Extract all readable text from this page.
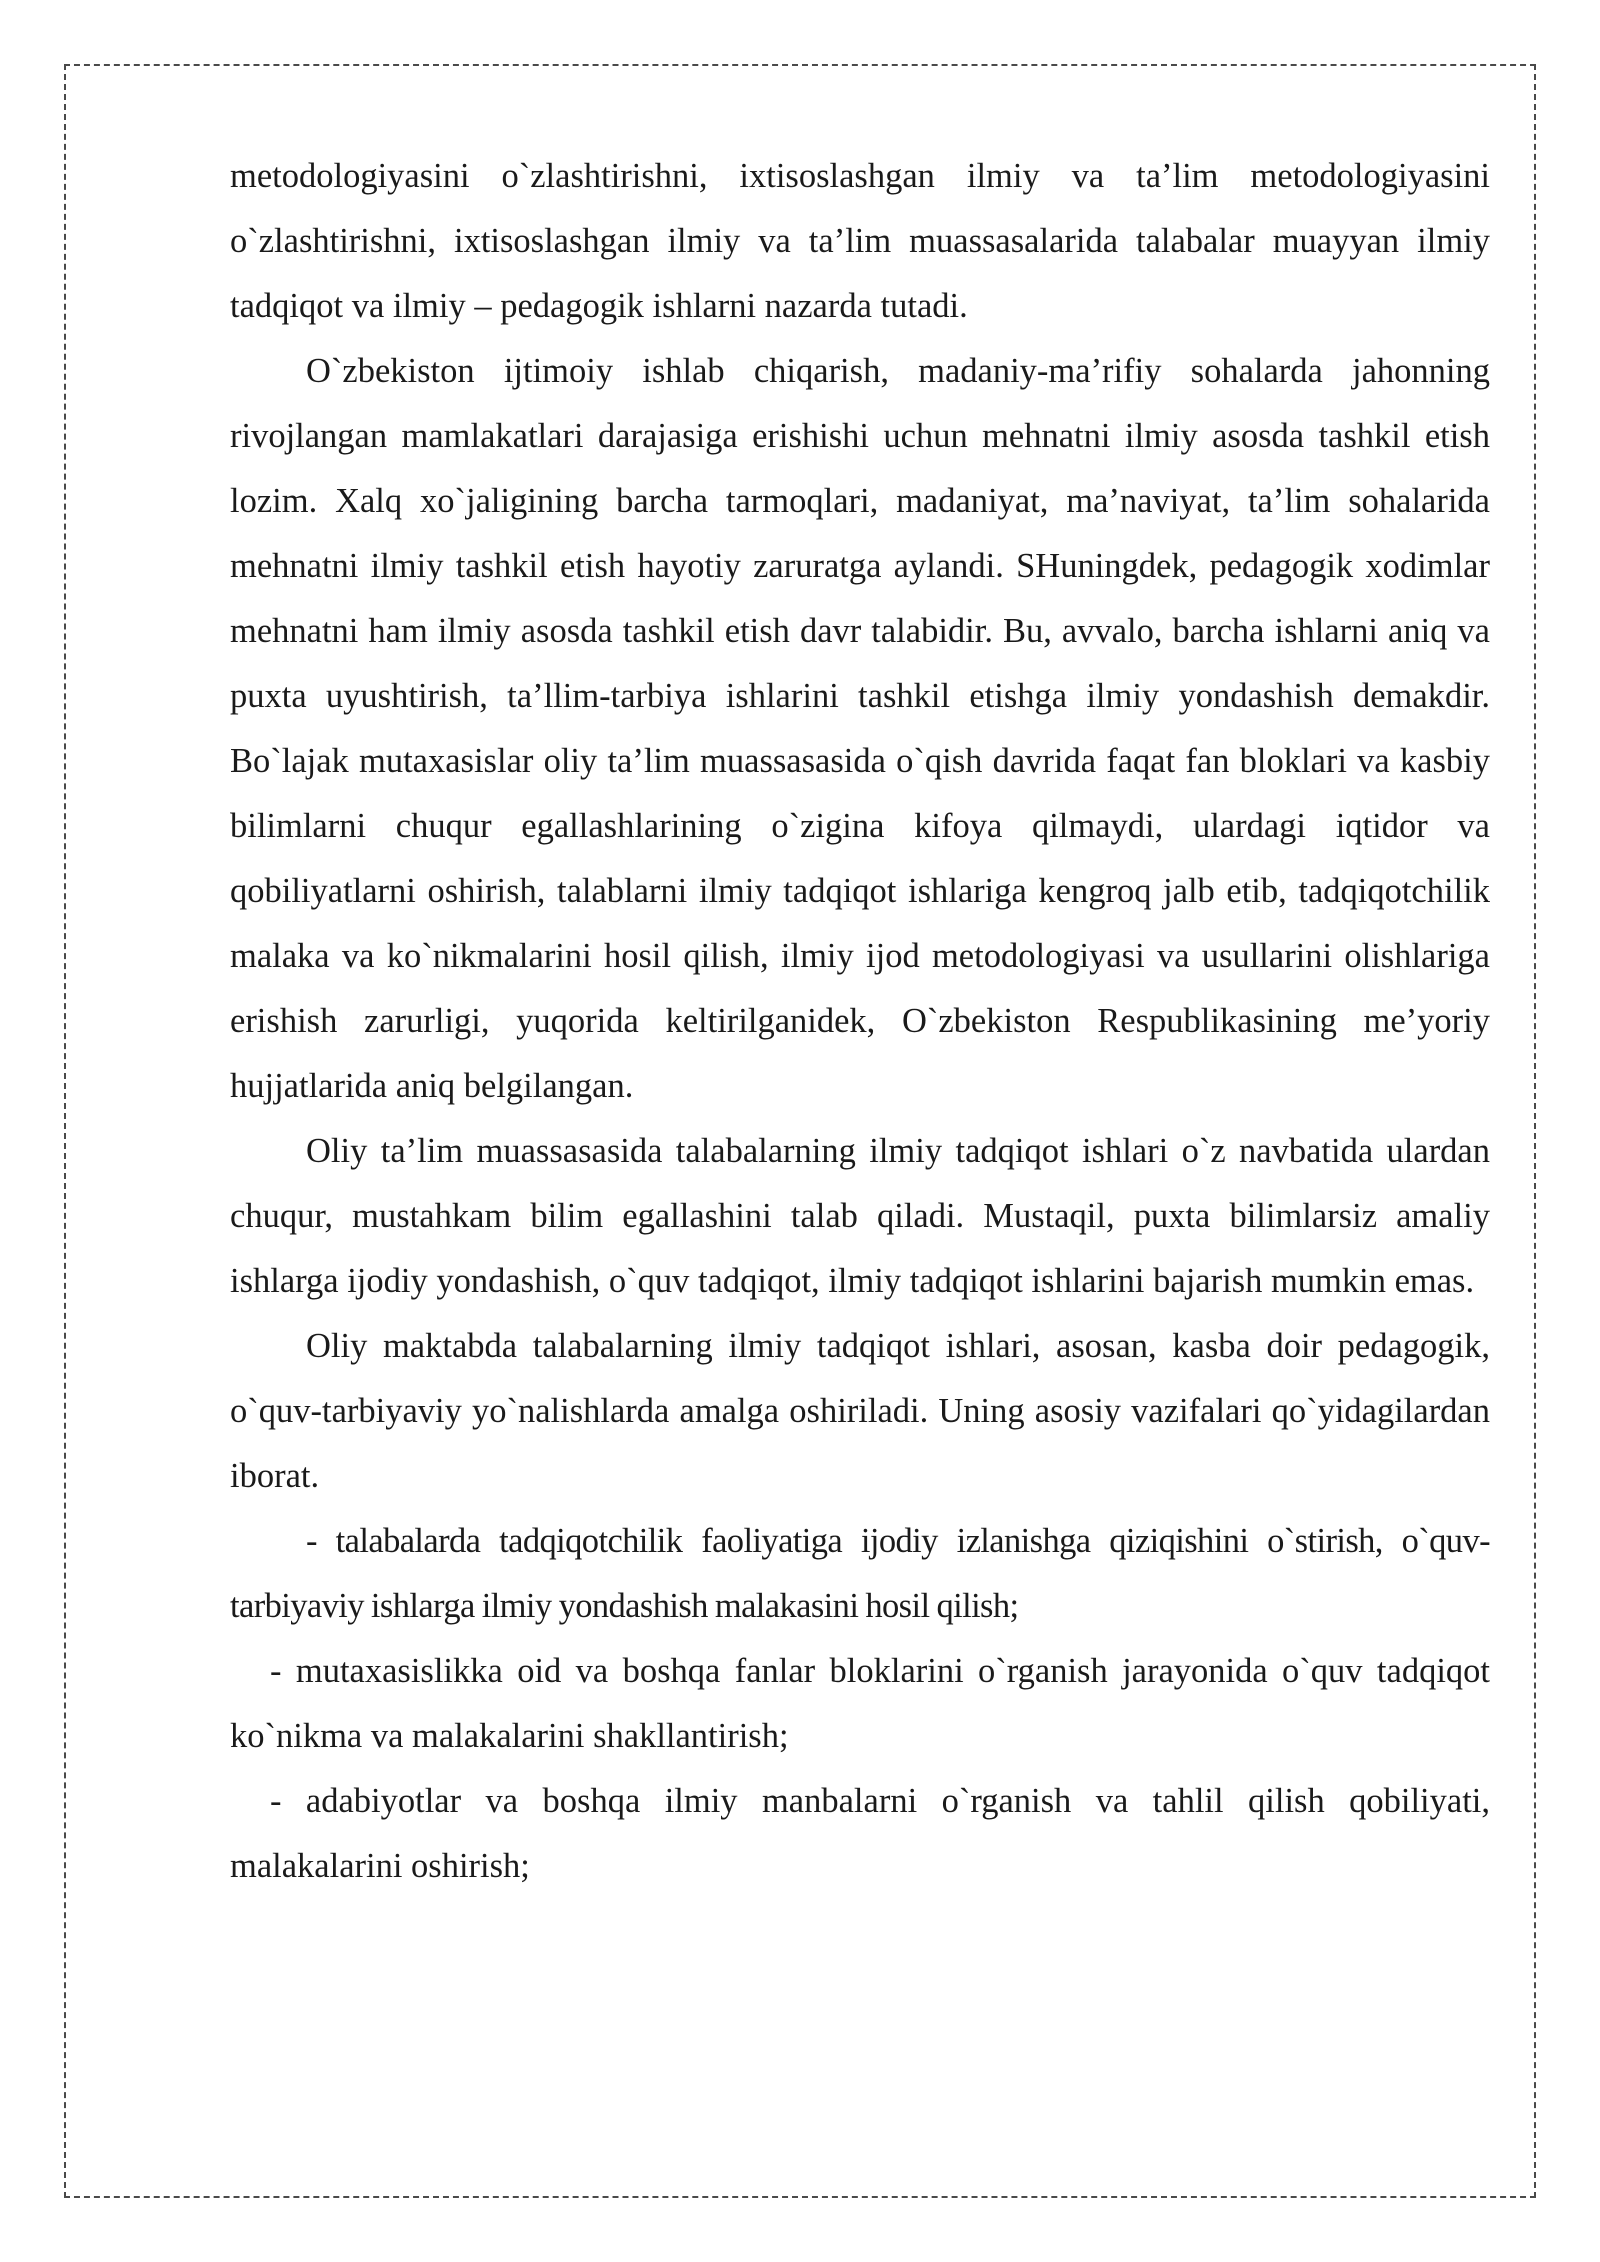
metodologiyasini o`zlashtirishni, ixtisoslashgan ilmiy va ta’lim metodologiyasini o`zlashtirishni, ixtisoslashgan ilmiy va ta’lim muassasalarida talabalar muayyan ilmiy tadqiqot va ilmiy – pedagogik ishlarni nazarda tutadi.

O`zbekiston ijtimoiy ishlab chiqarish, madaniy-ma’rifiy sohalarda jahonning rivojlangan mamlakatlari darajasiga erishishi uchun mehnatni ilmiy asosda tashkil etish lozim. Xalq xo`jaligining barcha tarmoqlari, madaniyat, ma’naviyat, ta’lim sohalarida mehnatni ilmiy tashkil etish hayotiy zaruratga aylandi. SHuningdek, pedagogik xodimlar mehnatni ham ilmiy asosda tashkil etish davr talabidir. Bu, avvalo, barcha ishlarni aniq va puxta uyushtirish, ta’llim-tarbiya ishlarini tashkil etishga ilmiy yondashish demakdir. Bo`lajak mutaxasislar oliy ta’lim muassasasida o`qish davrida faqat fan bloklari va kasbiy bilimlarni chuqur egallashlarining o`zigina kifoya qilmaydi, ulardagi iqtidor va qobiliyatlarni oshirish, talablarni ilmiy tadqiqot ishlariga kengroq jalb etib, tadqiqotchilik malaka va ko`nikmalarini hosil qilish, ilmiy ijod metodologiyasi va usullarini olishlariga erishish zarurligi, yuqorida keltirilganidek, O`zbekiston Respublikasining me’yoriy hujjatlarida aniq belgilangan.

Oliy ta’lim muassasasida talabalarning ilmiy tadqiqot ishlari o`z navbatida ulardan chuqur, mustahkam bilim egallashini talab qiladi. Mustaqil, puxta bilimlarsiz amaliy ishlarga ijodiy yondashish, o`quv tadqiqot, ilmiy tadqiqot ishlarini bajarish mumkin emas.

Oliy maktabda talabalarning ilmiy tadqiqot ishlari, asosan, kasba doir pedagogik, o`quv-tarbiyaviy yo`nalishlarda amalga oshiriladi. Uning asosiy vazifalari qo`yidagilardan iborat.

- talabalarda tadqiqotchilik faoliyatiga ijodiy izlanishga qiziqishini o`stirish, o`quv-tarbiyaviy ishlarga ilmiy yondashish malakasini hosil qilish;

- mutaxasislikka oid va boshqa fanlar bloklarini o`rganish jarayonida o`quv tadqiqot ko`nikma va malakalarini shakllantirish;

- adabiyotlar va boshqa ilmiy manbalarni o`rganish va tahlil qilish qobiliyati, malakalarini oshirish;
